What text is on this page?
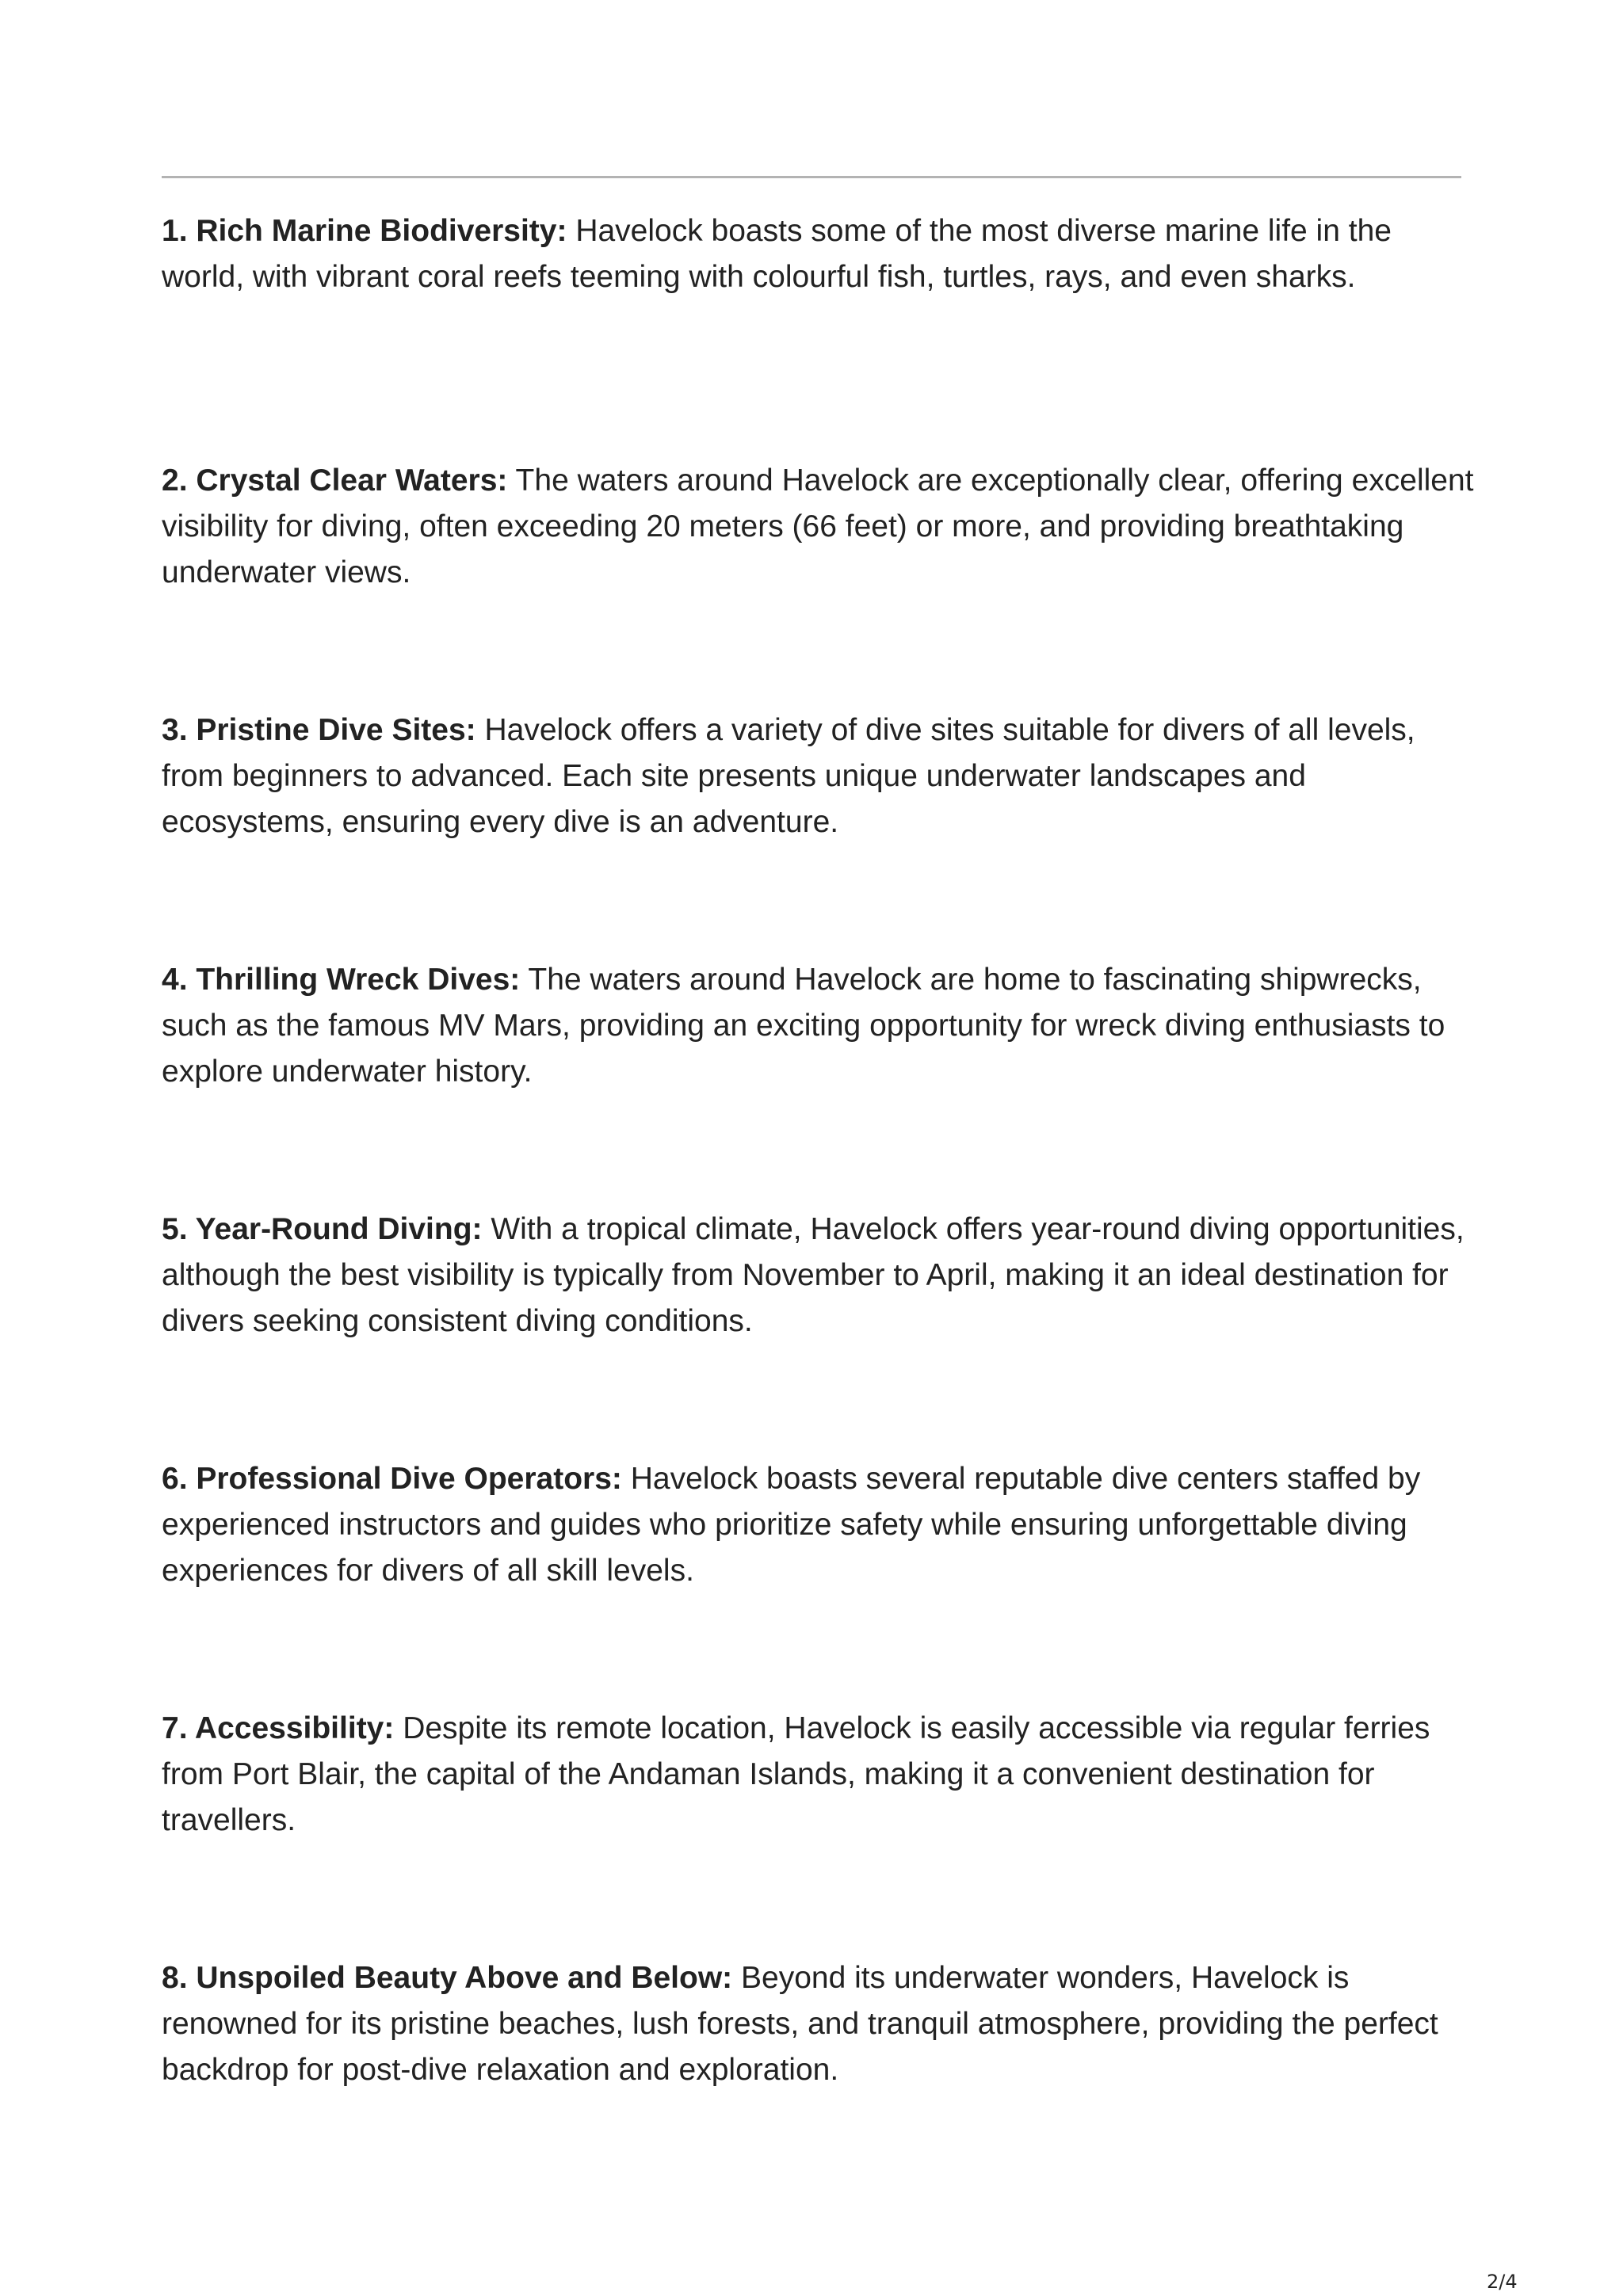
1. Rich Marine Biodiversity: Havelock boasts some of the most diverse marine life in the world, with vibrant coral reefs teeming with colourful fish, turtles, rays, and even sharks.

2. Crystal Clear Waters: The waters around Havelock are exceptionally clear, offering excellent visibility for diving, often exceeding 20 meters (66 feet) or more, and providing breathtaking underwater views.

3. Pristine Dive Sites: Havelock offers a variety of dive sites suitable for divers of all levels, from beginners to advanced. Each site presents unique underwater landscapes and ecosystems, ensuring every dive is an adventure.

4. Thrilling Wreck Dives: The waters around Havelock are home to fascinating shipwrecks, such as the famous MV Mars, providing an exciting opportunity for wreck diving enthusiasts to explore underwater history.

5. Year-Round Diving: With a tropical climate, Havelock offers year-round diving opportunities, although the best visibility is typically from November to April, making it an ideal destination for divers seeking consistent diving conditions.

6. Professional Dive Operators: Havelock boasts several reputable dive centers staffed by experienced instructors and guides who prioritize safety while ensuring unforgettable diving experiences for divers of all skill levels.

7. Accessibility: Despite its remote location, Havelock is easily accessible via regular ferries from Port Blair, the capital of the Andaman Islands, making it a convenient destination for travellers.

8. Unspoiled Beauty Above and Below: Beyond its underwater wonders, Havelock is renowned for its pristine beaches, lush forests, and tranquil atmosphere, providing the perfect backdrop for post-dive relaxation and exploration.

2/4
